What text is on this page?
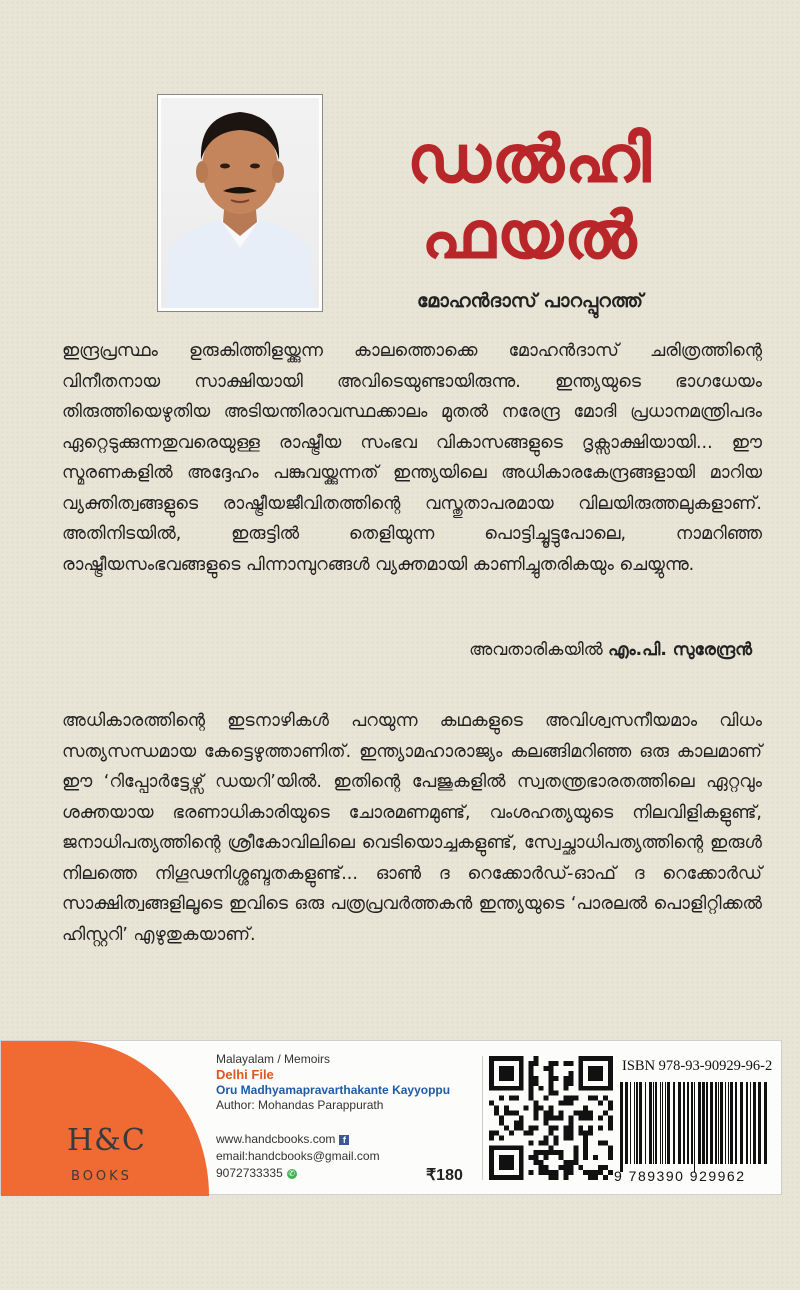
ഡൽഹി
ഫയൽ
മോഹൻദാസ് പാറപ്പുറത്ത്
ഇന്ദ്രപ്രസ്ഥം ഉരുകിത്തിളയ്ക്കുന്ന കാലത്തൊക്കെ മോഹൻദാസ് ചരിത്രത്തിന്റെ വിനീതനായ സാക്ഷിയായി അവിടെയുണ്ടായിരുന്നു. ഇന്ത്യയുടെ ഭാഗധേയം തിരുത്തിയെഴുതിയ അടിയന്തിരാവസ്ഥക്കാലം മുതൽ നരേന്ദ്ര മോദി പ്രധാനമന്ത്രിപദം ഏറ്റെടുക്കുന്നതുവരെയുള്ള രാഷ്ട്രീയ സംഭവ വികാസങ്ങളുടെ ദൃക്സാക്ഷിയായി... ഈ സ്മരണകളിൽ അദ്ദേഹം പങ്കുവയ്ക്കുന്നത് ഇന്ത്യയിലെ അധികാരകേന്ദ്രങ്ങളായി മാറിയ വ്യക്തിത്വങ്ങളുടെ രാഷ്ട്രീയജീവിതത്തിന്റെ വസ്തുതാപരമായ വിലയിരുത്തലുകളാണ്. അതിനിടയിൽ, ഇരുട്ടിൽ തെളിയുന്ന പൊട്ടിച്ചൂട്ടുപോലെ, നാമറിഞ്ഞ രാഷ്ട്രീയസംഭവങ്ങളുടെ പിന്നാമ്പുറങ്ങൾ വ്യക്തമായി കാണിച്ചുതരികയും ചെയ്യുന്നു.
അവതാരികയിൽ എം.പി. സുരേന്ദ്രൻ
അധികാരത്തിന്റെ ഇടനാഴികൾ പറയുന്ന കഥകളുടെ അവിശ്വസനീയമാം വിധം സത്യസന്ധമായ കേട്ടെഴുത്താണിത്. ഇന്ത്യാമഹാരാജ്യം കലങ്ങിമറിഞ്ഞ ഒരു കാലമാണ് ഈ ‘റിപ്പോർട്ടേഴ്സ് ഡയറി’യിൽ. ഇതിന്റെ പേജുകളിൽ സ്വതന്ത്രഭാരതത്തിലെ ഏറ്റവും ശക്തയായ ഭരണാധികാരിയുടെ ചോരമണമുണ്ട്, വംശഹത്യയുടെ നിലവിളികളുണ്ട്, ജനാധിപത്യത്തിന്റെ ശ്രീകോവിലിലെ വെടിയൊച്ചകളുണ്ട്, സ്വേച്ഛാധിപത്യത്തിന്റെ ഇരുൾ നിലത്തെ നിഗൂഢനിശ്ശബ്ദതകളുണ്ട്... ഓൺ ദ റെക്കോർഡ്-ഓഫ് ദ റെക്കോർഡ് സാക്ഷിത്വങ്ങളിലൂടെ ഇവിടെ ഒരു പത്രപ്രവർത്തകൻ ഇന്ത്യയുടെ ‘പാരലൽ പൊളിറ്റിക്കൽ ഹിസ്റ്ററി’ എഴുതുകയാണ്.
H&C
BOOKS
Malayalam / Memoirs
Delhi File
Oru Madhyamapravarthakante Kayyoppu
Author: Mohandas Parappurath
www.handcbooks.com f
email:handcbooks@gmail.com
9072733335 ✆	₹180
ISBN 978-93-90929-96-2
9 789390 929962
